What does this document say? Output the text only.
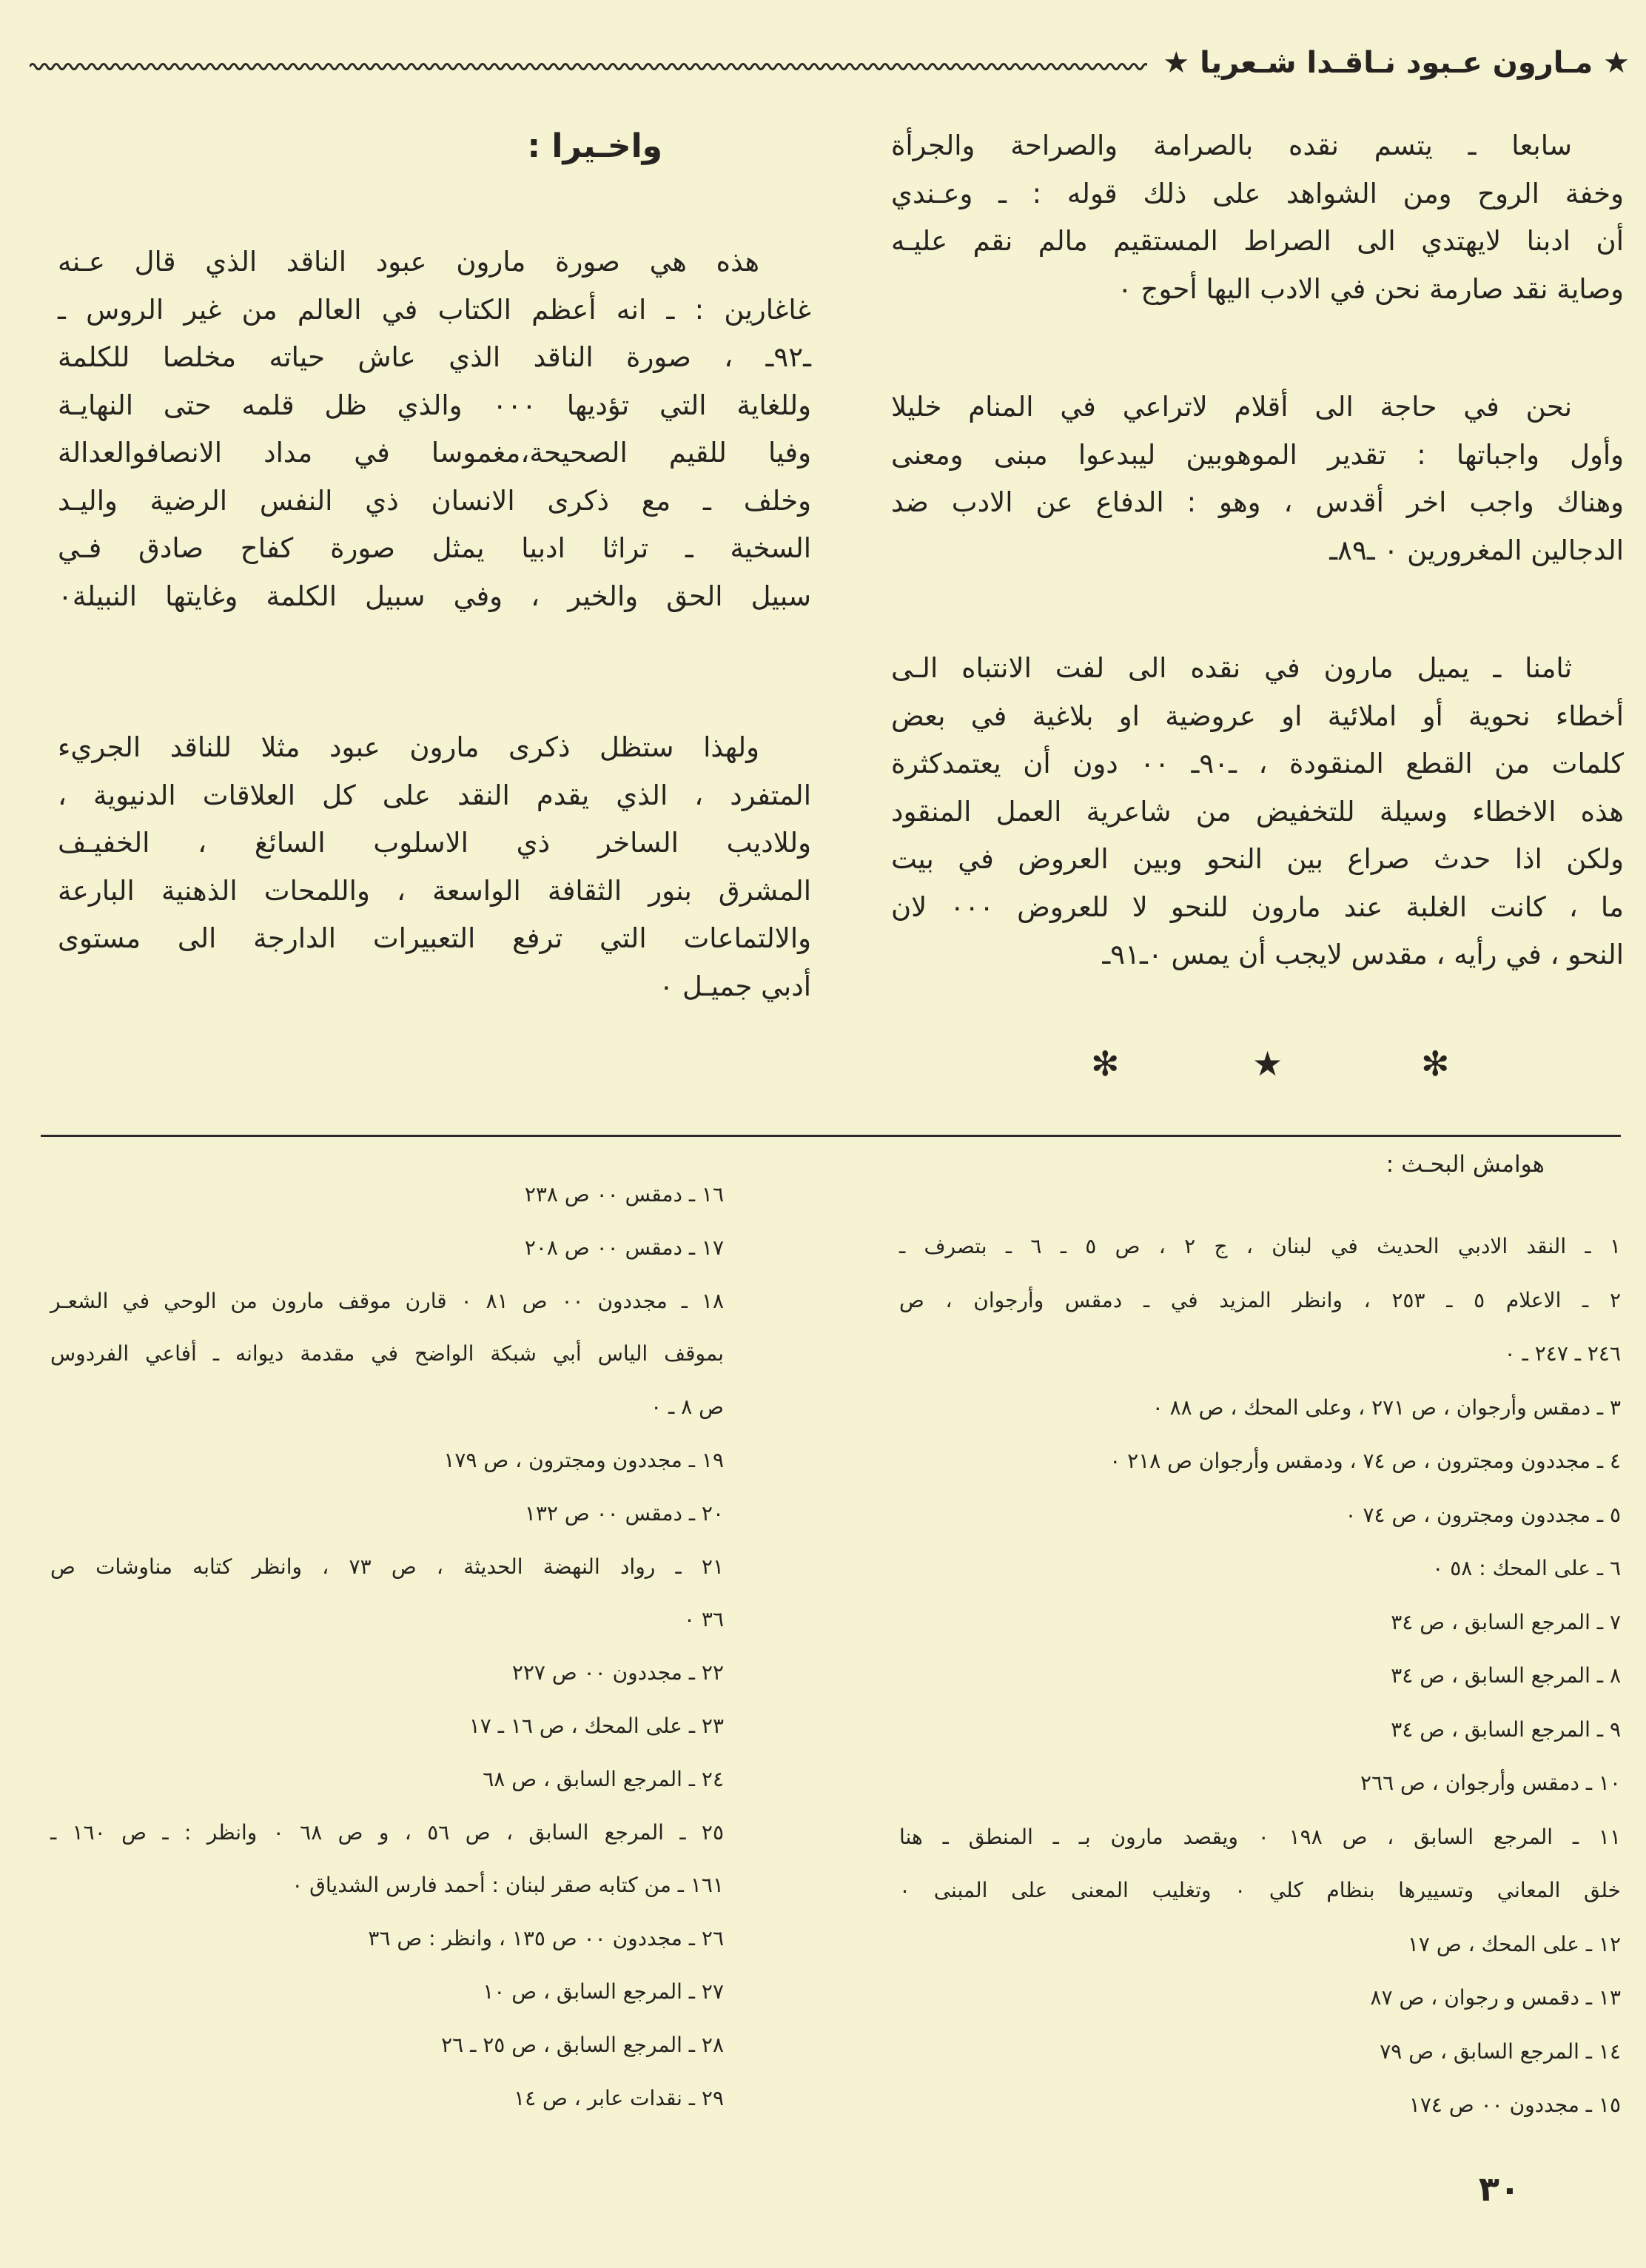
★ مـارون عـبود نـاقـدا شـعريا ★
سابعا ـ يتسم نقده بالصرامة والصراحة والجرأة
وخفة الروح ومن الشواهد على ذلك قوله : ـ وعـندي
أن ادبنا لايهتدي الى الصراط المستقيم مالم نقم عليـه
وصاية نقد صارمة نحن في الادب اليها أحوج ٠
نحن في حاجة الى أقلام لاتراعي في المنام خليلا
وأول واجباتها : تقدير الموهوبين ليبدعوا مبنى ومعنى
وهناك واجب اخر أقدس ، وهو : الدفاع عن الادب ضد
الدجالين المغرورين ٠ ـ٨٩ـ
ثامنا ـ يميل مارون في نقده الى لفت الانتباه الـى
أخطاء نحوية أو املائية او عروضية او بلاغية في بعض
كلمات من القطع المنقودة ، ـ٩٠ـ ٠٠ دون أن يعتمدكثرة
هذه الاخطاء وسيلة للتخفيض من شاعرية العمل المنقود
ولكن اذا حدث صراع بين النحو وبين العروض في بيت
ما ، كانت الغلبة عند مارون للنحو لا للعروض ٠٠٠ لان
النحو ، في رأيه ، مقدس لايجب أن يمس ٠ـ٩١ـ
واخـيرا :
هذه هي صورة مارون عبود الناقد الذي قال عـنه
غاغارين : ـ انه أعظم الكتاب في العالم من غير الروس ـ
ـ٩٢ـ ، صورة الناقد الذي عاش حياته مخلصا للكلمة
وللغاية التي تؤديها ٠٠٠ والذي ظل قلمه حتى النهايـة
وفيا للقيم الصحيحة،مغموسا في مداد الانصافوالعدالة
وخلف ـ مع ذكرى الانسان ذي النفس الرضية واليـد
السخية ـ تراثا ادبيا يمثل صورة كفاح صادق فـي
سبيل الحق والخير ، وفي سبيل الكلمة وغايتها النبيلة٠
ولهذا ستظل ذكرى مارون عبود مثلا للناقد الجريء
المتفرد ، الذي يقدم النقد على كل العلاقات الدنيوية ،
وللاديب الساخر ذي الاسلوب السائغ ، الخفيـف
المشرق بنور الثقافة الواسعة ، واللمحات الذهنية البارعة
والالتماعات التي ترفع التعبيرات الدارجة الى مستوى
أدبي جميـل ٠
✻
★
✻
هوامش البحـث :
١ ـ النقد الادبي الحديث في لبنان ، ج ٢ ، ص ٥ ـ ٦ ـ بتصرف ـ
٢ ـ الاعلام ٥ ـ ٢٥٣ ، وانظر المزيد في ـ دمقس وأرجوان ، ص
٢٤٦ ـ ٢٤٧ ـ ٠
٣ ـ دمقس وأرجوان ، ص ٢٧١ ، وعلى المحك ، ص ٨٨ ٠
٤ ـ مجددون ومجترون ، ص ٧٤ ، ودمقس وأرجوان ص ٢١٨ ٠
٥ ـ مجددون ومجترون ، ص ٧٤ ٠
٦ ـ على المحك : ٥٨ ٠
٧ ـ المرجع السابق ، ص ٣٤
٨ ـ المرجع السابق ، ص ٣٤
٩ ـ المرجع السابق ، ص ٣٤
١٠ ـ دمقس وأرجوان ، ص ٢٦٦
١١ ـ المرجع السابق ، ص ١٩٨ ٠ ويقصد مارون بـ ـ المنطق ـ هنا
خلق المعاني وتسييرها بنظام كلي ٠ وتغليب المعنى على المبنى ٠
١٢ ـ على المحك ، ص ١٧
١٣ ـ دقمس و رجوان ، ص ٨٧
١٤ ـ المرجع السابق ، ص ٧٩
١٥ ـ مجددون ٠٠ ص ١٧٤
١٦ ـ دمقس ٠٠ ص ٢٣٨
١٧ ـ دمقس ٠٠ ص ٢٠٨
١٨ ـ مجددون ٠٠ ص ٨١ ٠ قارن موقف مارون من الوحي في الشعـر
بموقف الياس أبي شبكة الواضح في مقدمة ديوانه ـ أفاعي الفردوس
ص ٨ ـ ٠
١٩ ـ مجددون ومجترون ، ص ١٧٩
٢٠ ـ دمقس ٠٠ ص ١٣٢
٢١ ـ رواد النهضة الحديثة ، ص ٧٣ ، وانظر كتابه مناوشات ص
٣٦ ٠
٢٢ ـ مجددون ٠٠ ص ٢٢٧
٢٣ ـ على المحك ، ص ١٦ ـ ١٧
٢٤ ـ المرجع السابق ، ص ٦٨
٢٥ ـ المرجع السابق ، ص ٥٦ ، و ص ٦٨ ٠ وانظر : ـ ص ١٦٠ ـ
١٦١ ـ من كتابه صقر لبنان : أحمد فارس الشدياق ٠
٢٦ ـ مجددون ٠٠ ص ١٣٥ ، وانظر : ص ٣٦
٢٧ ـ المرجع السابق ، ص ١٠
٢٨ ـ المرجع السابق ، ص ٢٥ ـ ٢٦
٢٩ ـ نقدات عابر ، ص ١٤
٣٠
